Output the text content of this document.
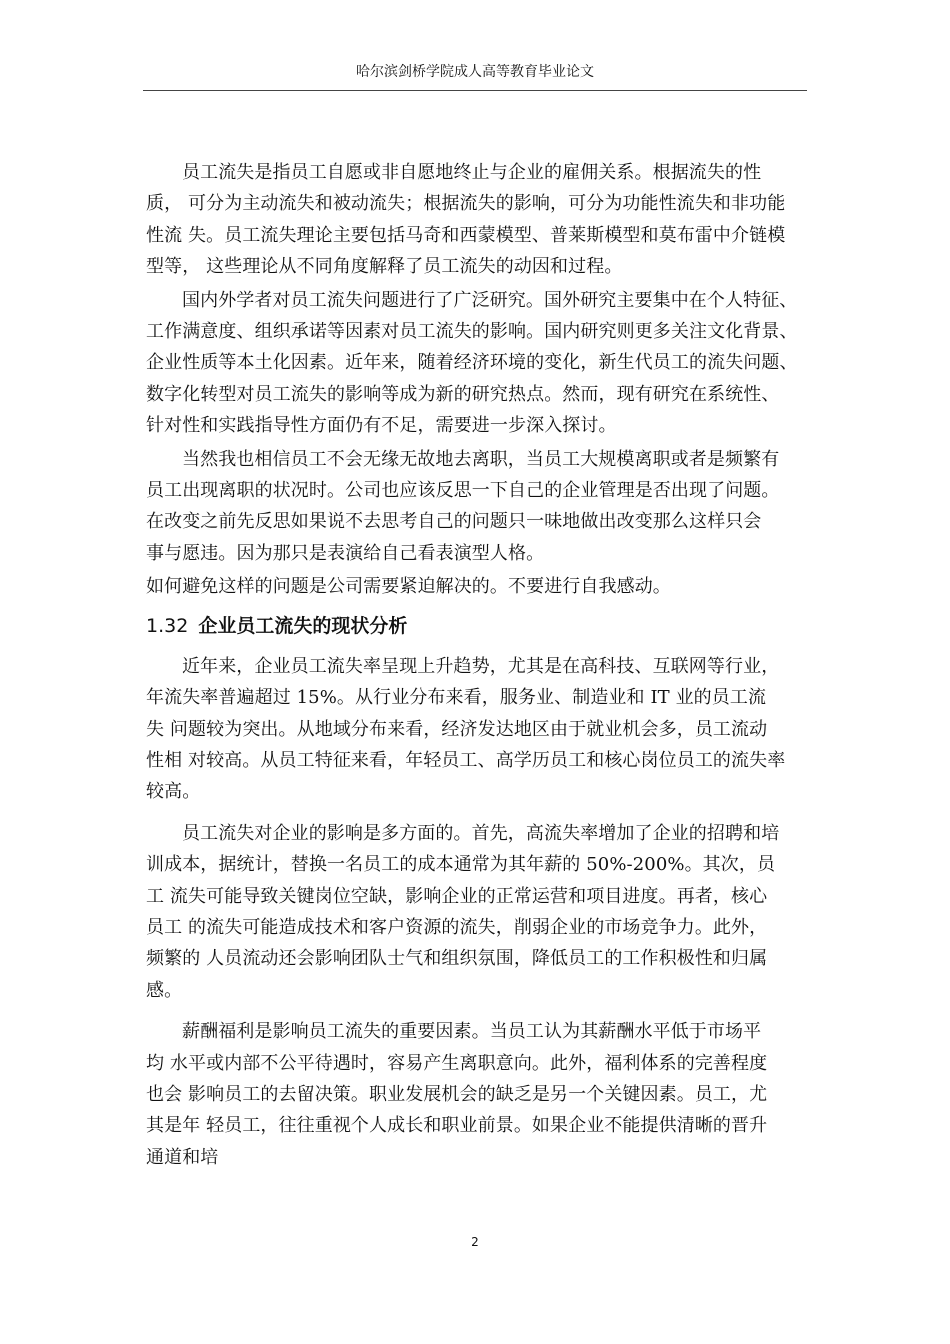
哈尔滨剑桥学院成人高等教育毕业论文

员工流失是指员工自愿或非自愿地终止与企业的雇佣关系。根据流失的性
质， 可分为主动流失和被动流失；根据流失的影响，可分为功能性流失和非功能
性流 失。员工流失理论主要包括马奇和西蒙模型、普莱斯模型和莫布雷中介链模
型等， 这些理论从不同角度解释了员工流失的动因和过程。

国内外学者对员工流失问题进行了广泛研究。国外研究主要集中在个人特征、
工作满意度、组织承诺等因素对员工流失的影响。国内研究则更多关注文化背景、
企业性质等本土化因素。近年来，随着经济环境的变化，新生代员工的流失问题、
数字化转型对员工流失的影响等成为新的研究热点。然而，现有研究在系统性、
针对性和实践指导性方面仍有不足，需要进一步深入探讨。

当然我也相信员工不会无缘无故地去离职，当员工大规模离职或者是频繁有
员工出现离职的状况时。公司也应该反思一下自己的企业管理是否出现了问题。
在改变之前先反思如果说不去思考自己的问题只一味地做出改变那么这样只会
事与愿违。因为那只是表演给自己看表演型人格。

如何避免这样的问题是公司需要紧迫解决的。不要进行自我感动。

1.32 企业员工流失的现状分析

近年来，企业员工流失率呈现上升趋势，尤其是在高科技、互联网等行业，
年流失率普遍超过 15%。从行业分布来看，服务业、制造业和 IT 业的员工流
失 问题较为突出。从地域分布来看，经济发达地区由于就业机会多，员工流动
性相 对较高。从员工特征来看，年轻员工、高学历员工和核心岗位员工的流失率
较高。

员工流失对企业的影响是多方面的。首先，高流失率增加了企业的招聘和培
训成本，据统计，替换一名员工的成本通常为其年薪的 50%-200%。其次，员
工 流失可能导致关键岗位空缺，影响企业的正常运营和项目进度。再者，核心
员工 的流失可能造成技术和客户资源的流失，削弱企业的市场竞争力。此外，
频繁的 人员流动还会影响团队士气和组织氛围，降低员工的工作积极性和归属
感。

薪酬福利是影响员工流失的重要因素。当员工认为其薪酬水平低于市场平
均 水平或内部不公平待遇时，容易产生离职意向。此外，福利体系的完善程度
也会 影响员工的去留决策。职业发展机会的缺乏是另一个关键因素。员工，尤
其是年 轻员工，往往重视个人成长和职业前景。如果企业不能提供清晰的晋升
通道和培

2
